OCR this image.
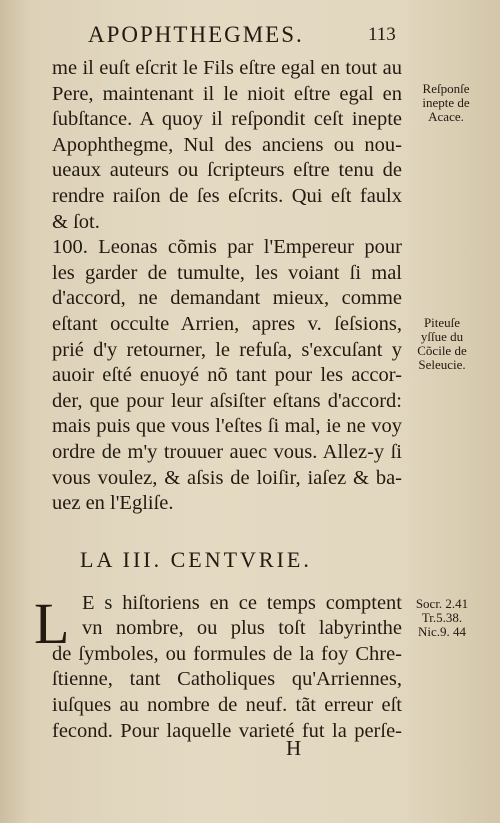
APOPHTHEGMES.	113
me il euſt eſcrit le Fils eſtre egal en tout au
Pere, maintenant il le nioit eſtre egal en
ſubſtance. A quoy il reſpondit ceſt inepte
Apophthegme, Nul des anciens ou nou-
ueaux auteurs ou ſcripteurs eſtre tenu de
rendre raiſon de ſes eſcrits. Qui eſt faulx
& ſot.
100. Leonas cõmis par l'Empereur pour
les garder de tumulte, les voiant ſi mal
d'accord, ne demandant mieux, comme
eſtant occulte Arrien, apres v. ſeſsions,
prié d'y retourner, le refuſa, s'excuſant y
auoir eſté enuoyé nõ tant pour les accor-
der, que pour leur aſsiſter eſtans d'accord:
mais puis que vous l'eſtes ſi mal, ie ne voy
ordre de m'y trouuer auec vous. Allez-y ſi
vous voulez, & aſsis de loiſir, iaſez & ba-
uez en l'Egliſe.
LA III. CENTVRIE.
L E s hiſtoriens en ce temps comptent
vn nombre, ou plus toſt labyrinthe
de ſymboles, ou formules de la foy Chre-
ſtienne, tant Catholiques qu'Arriennes,
iuſques au nombre de neuf. tãt erreur eſt
fecond. Pour laquelle varieté fut la perſe-
Reſponſe
inepte de
Acace.
Piteuſe
yſſue du
Cõcile de
Seleucie.
Socr. 2.41
Tr.5.38.
Nic.9. 44
H
